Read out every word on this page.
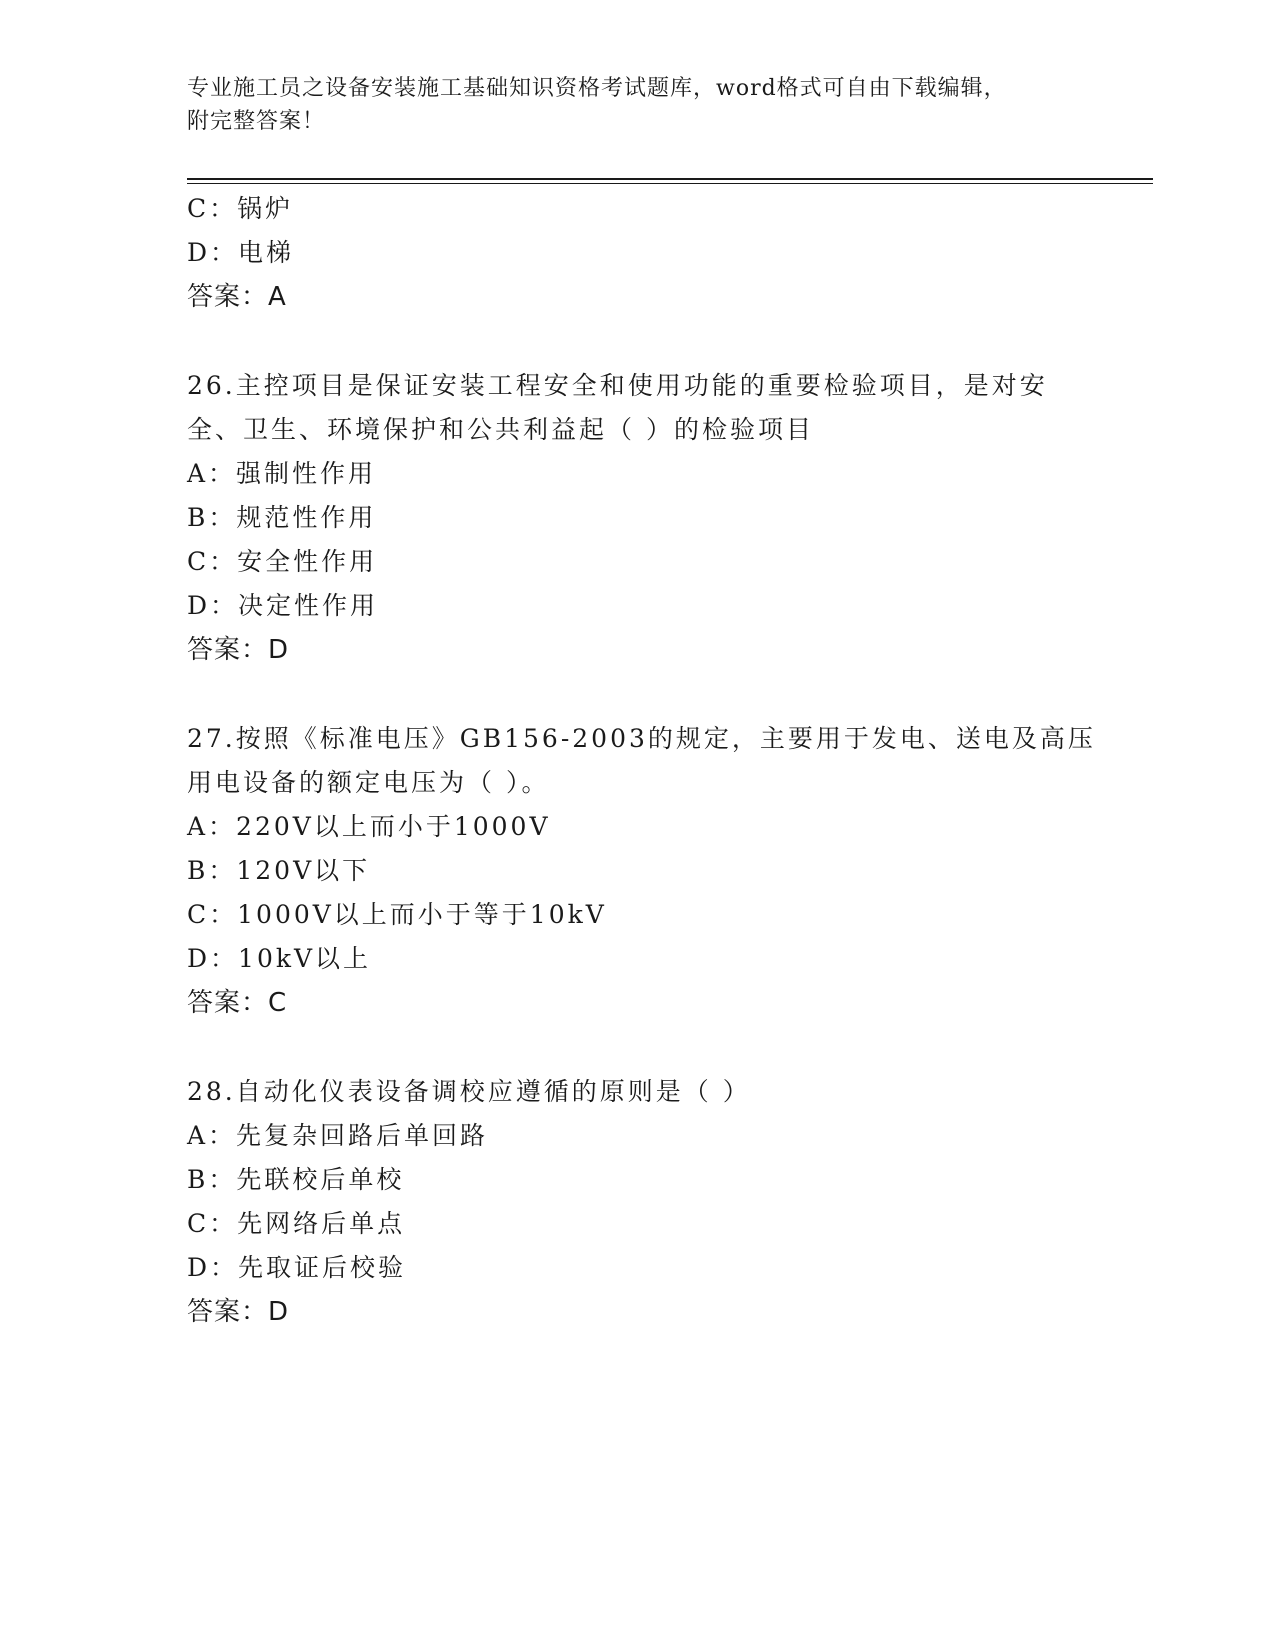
专业施工员之设备安装施工基础知识资格考试题库，word格式可自由下载编辑，
附完整答案！
C：锅炉
D：电梯
答案：A
26.主控项目是保证安装工程安全和使用功能的重要检验项目，是对安
全、卫生、环境保护和公共利益起（ ）的检验项目
A：强制性作用
B：规范性作用
C：安全性作用
D：决定性作用
答案：D
27.按照《标准电压》GB156-2003的规定，主要用于发电、送电及高压
用电设备的额定电压为（ ）。
A：220V以上而小于1000V
B：120V以下
C：1000V以上而小于等于10kV
D：10kV以上
答案：C
28.自动化仪表设备调校应遵循的原则是（ ）
A：先复杂回路后单回路
B：先联校后单校
C：先网络后单点
D：先取证后校验
答案：D
